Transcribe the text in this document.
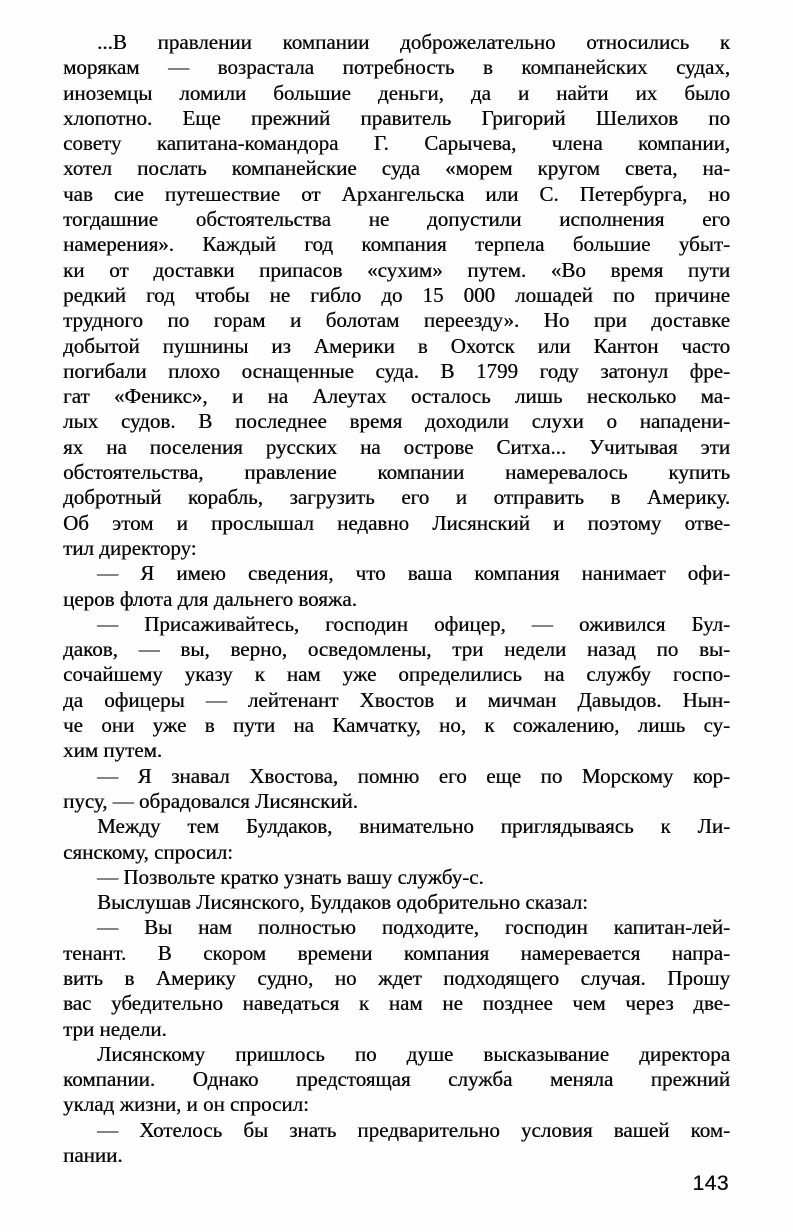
...В правлении компании доброжелательно относились к
морякам — возрастала потребность в компанейских судах,
иноземцы ломили большие деньги, да и найти их было
хлопотно. Еще прежний правитель Григорий Шелихов по
совету капитана-командора Г. Сарычева, члена компании,
хотел послать компанейские суда «морем кругом света, на-
чав сие путешествие от Архангельска или С. Петербурга, но
тогдашние обстоятельства не допустили исполнения его
намерения». Каждый год компания терпела большие убыт-
ки от доставки припасов «сухим» путем. «Во время пути
редкий год чтобы не гибло до 15 000 лошадей по причине
трудного по горам и болотам переезду». Но при доставке
добытой пушнины из Америки в Охотск или Кантон часто
погибали плохо оснащенные суда. В 1799 году затонул фре-
гат «Феникс», и на Алеутах осталось лишь несколько ма-
лых судов. В последнее время доходили слухи о нападени-
ях на поселения русских на острове Ситха... Учитывая эти
обстоятельства, правление компании намеревалось купить
добротный корабль, загрузить его и отправить в Америку.
Об этом и прослышал недавно Лисянский и поэтому отве-
тил директору:
— Я имею сведения, что ваша компания нанимает офи-
церов флота для дальнего вояжа.
— Присаживайтесь, господин офицер, — оживился Бул-
даков, — вы, верно, осведомлены, три недели назад по вы-
сочайшему указу к нам уже определились на службу госпо-
да офицеры — лейтенант Хвостов и мичман Давыдов. Нын-
че они уже в пути на Камчатку, но, к сожалению, лишь су-
хим путем.
— Я знавал Хвостова, помню его еще по Морскому кор-
пусу, — обрадовался Лисянский.
Между тем Булдаков, внимательно приглядываясь к Ли-
сянскому, спросил:
— Позвольте кратко узнать вашу службу-с.
Выслушав Лисянского, Булдаков одобрительно сказал:
— Вы нам полностью подходите, господин капитан-лей-
тенант. В скором времени компания намеревается напра-
вить в Америку судно, но ждет подходящего случая. Прошу
вас убедительно наведаться к нам не позднее чем через две-
три недели.
Лисянскому пришлось по душе высказывание директора
компании. Однако предстоящая служба меняла прежний
уклад жизни, и он спросил:
— Хотелось бы знать предварительно условия вашей ком-
пании.
143
